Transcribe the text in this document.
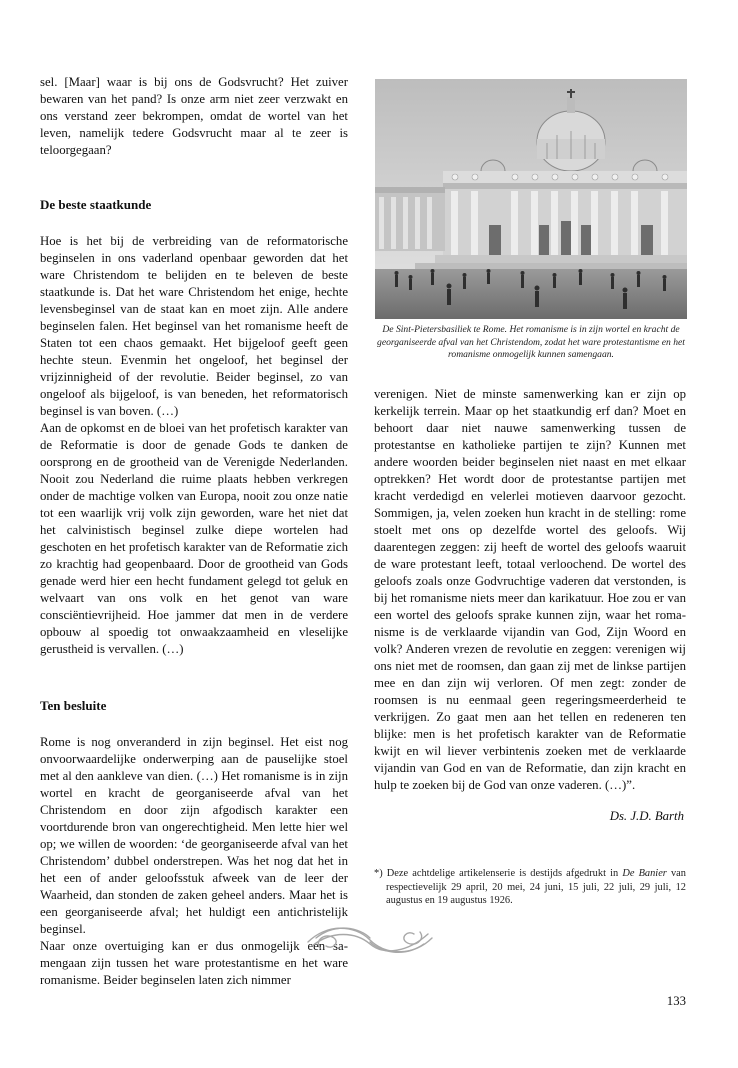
sel. [Maar] waar is bij ons de Godsvrucht? Het zuiver bewaren van het pand? Is onze arm niet zeer verzwakt en ons verstand zeer bekrompen, omdat de wortel van het leven, namelijk tedere Godsvrucht maar al te zeer is teloorgegaan?

De beste staatkunde

Hoe is het bij de verbreiding van de reformatorische beginselen in ons vaderland openbaar geworden dat het ware Christendom te belijden en te beleven de beste staatkunde is. Dat het ware Christendom het enige, hechte levensbeginsel van de staat kan en moet zijn. Alle andere beginselen falen. Het beginsel van het romanisme heeft de Staten tot een chaos gemaakt. Het bijgeloof geeft geen hechte steun. Evenmin het ongeloof, het beginsel der vrijzinnigheid of der revolutie. Beider beginsel, zo van ongeloof als bijgeloof, is van beneden, het reformatorisch beginsel is van boven. (…)

Aan de opkomst en de bloei van het profetisch karakter van de Reformatie is door de genade Gods te danken de oorsprong en de grootheid van de Verenigde Nederlanden. Nooit zou Nederland die ruime plaats hebben verkregen onder de machtige volken van Europa, nooit zou onze natie tot een waarlijk vrij volk zijn geworden, ware het niet dat het calvinistisch beginsel zulke diepe wortelen had geschoten en het profetisch karakter van de Reformatie zich zo krachtig had geopenbaard. Door de grootheid van Gods genade werd hier een hecht fundament gelegd tot geluk en welvaart van ons volk en het genot van ware consciëntievrijheid. Hoe jammer dat men in de verdere opbouw al spoedig tot onwaakzaamheid en vleselijke gerustheid is vervallen. (…)

Ten besluite

Rome is nog onveranderd in zijn beginsel. Het eist nog onvoorwaardelijke onderwerping aan de pauselijke stoel met al den aankleve van dien. (…) Het romanisme is in zijn wortel en kracht de georganiseerde afval van het Christendom en door zijn afgodisch karakter een voortdurende bron van ongerechtigheid. Men lette hier wel op; we willen de woorden: ‘de georganiseerde afval van het Christendom’ dubbel onderstrepen. Was het nog dat het in het een of ander geloofsstuk afweek van de leer der Waarheid, dan stonden de zaken geheel anders. Maar het is een georganiseerde afval; het huldigt een antichristelijk beginsel.

Naar onze overtuiging kan er dus onmogelijk een samengaan zijn tussen het ware protestantisme en het ware romanisme. Beider beginselen laten zich nimmer

De Sint-Pietersbasiliek te Rome. Het romanisme is in zijn wortel en kracht de georganiseerde afval van het Christendom, zodat het ware protestantisme en het romanisme onmogelijk kunnen samengaan.

verenigen. Niet de minste samenwerking kan er zijn op kerkelijk terrein. Maar op het staatkundig erf dan? Moet en behoort daar niet nauwe samenwerking tussen de protestantse en katholieke partijen te zijn? Kunnen met andere woorden beider beginselen niet naast en met elkaar optrekken? Het wordt door de protestantse partijen met kracht verdedigd en velerlei motieven daarvoor gezocht. Sommigen, ja, velen zoeken hun kracht in de stelling: rome stoelt met ons op dezelfde wortel des geloofs. Wij daarentegen zeggen: zij heeft de wortel des geloofs waaruit de ware protestant leeft, totaal verloochend. De wortel des geloofs zoals onze Godvruchtige vaderen dat verstonden, is bij het romanisme niets meer dan karikatuur. Hoe zou er van een wortel des geloofs sprake kunnen zijn, waar het romanisme is de verklaarde vijandin van God, Zijn Woord en volk? Anderen vrezen de revolutie en zeggen: verenigen wij ons niet met de roomsen, dan gaan zij met de linkse partijen mee en dan zijn wij verloren. Of men zegt: zonder de roomsen is nu eenmaal geen regeringsmeerderheid te verkrijgen. Zo gaat men aan het tellen en redeneren ten blijke: men is het profetisch karakter van de Reformatie kwijt en wil liever verbintenis zoeken met de verklaarde vijandin van God en van de Reformatie, dan zijn kracht en hulp te zoeken bij de God van onze vaderen. (…)”.

Ds. J.D. Barth

*) Deze achtdelige artikelenserie is destijds afgedrukt in De Banier van respectievelijk 29 april, 20 mei, 24 juni, 15 juli, 22 juli, 29 juli, 12 augustus en 19 augustus 1926.

133
